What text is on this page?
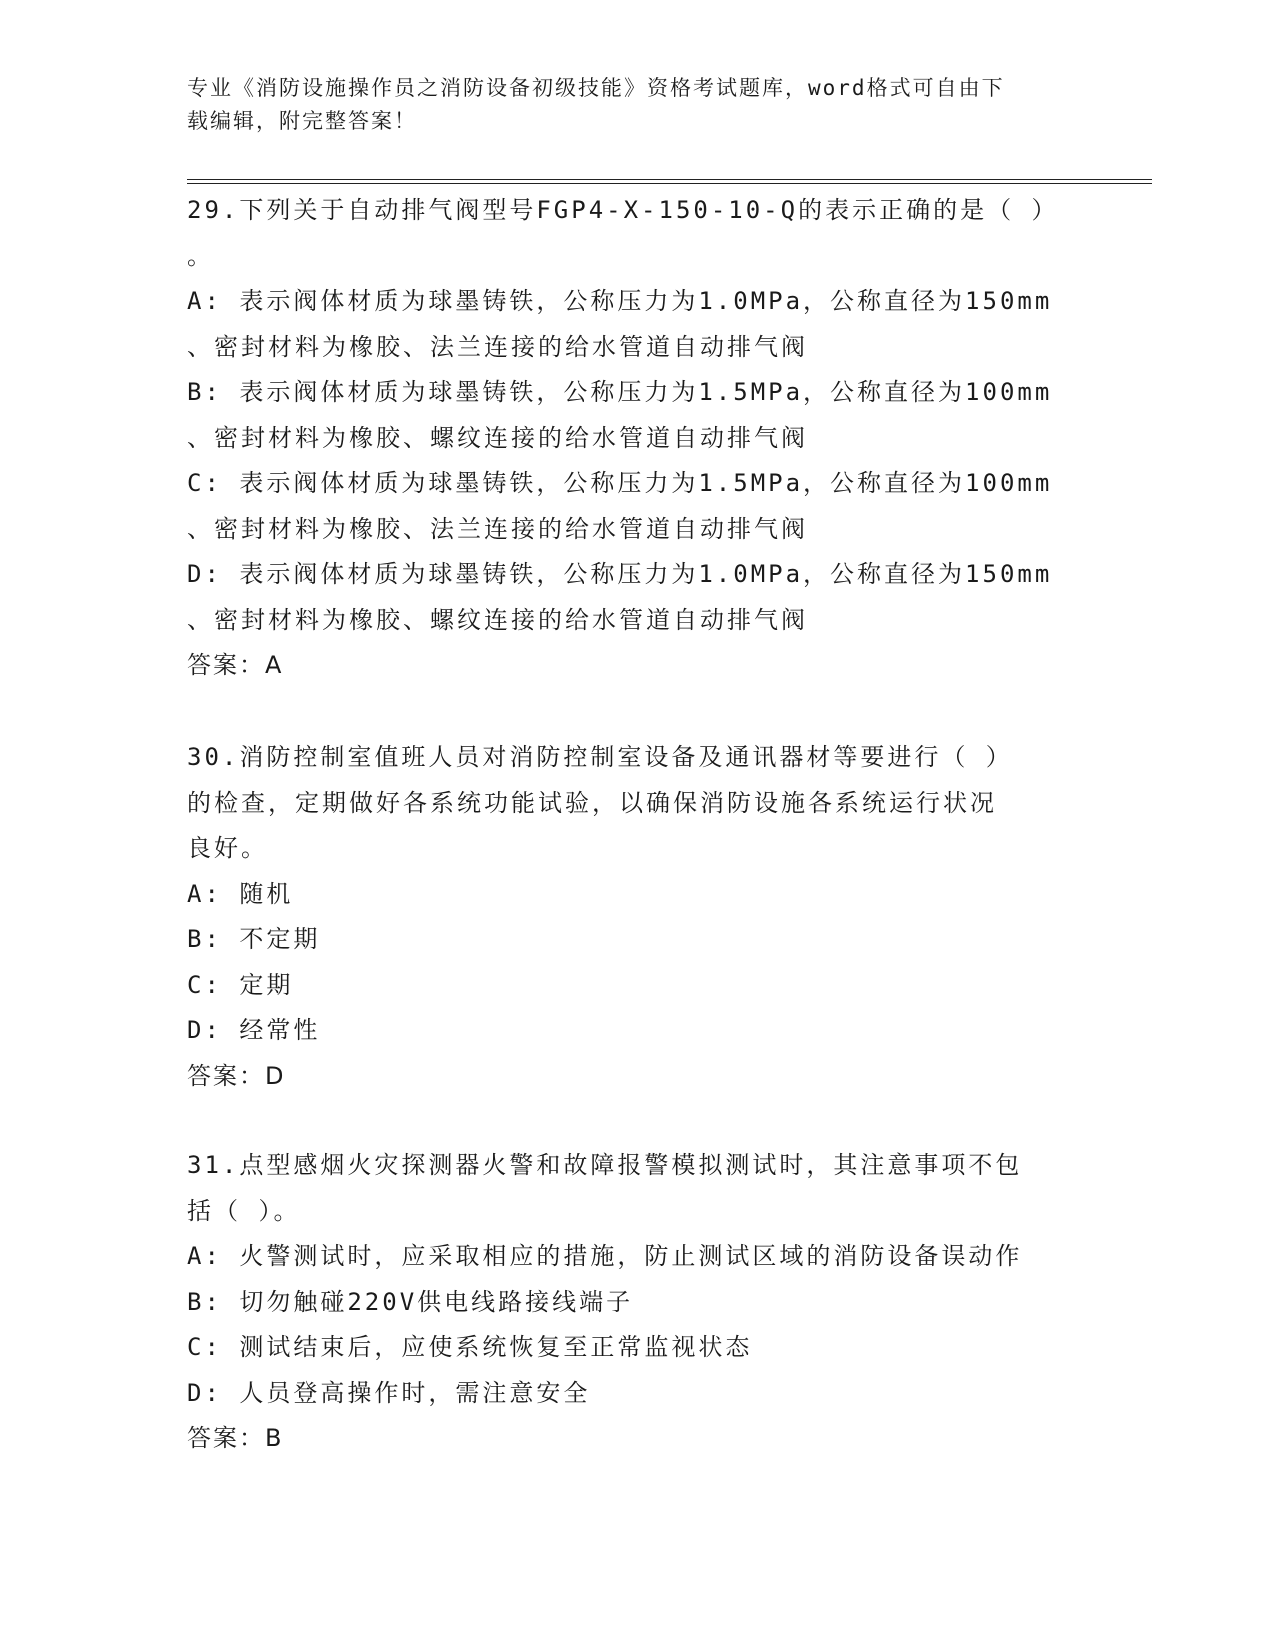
专业《消防设施操作员之消防设备初级技能》资格考试题库，word格式可自由下
载编辑，附完整答案！
29.下列关于自动排气阀型号FGP4-X-150-10-Q的表示正确的是（ ）
。
A: 表示阀体材质为球墨铸铁，公称压力为1.0MPa，公称直径为150mm
、密封材料为橡胶、法兰连接的给水管道自动排气阀
B: 表示阀体材质为球墨铸铁，公称压力为1.5MPa，公称直径为100mm
、密封材料为橡胶、螺纹连接的给水管道自动排气阀
C: 表示阀体材质为球墨铸铁，公称压力为1.5MPa，公称直径为100mm
、密封材料为橡胶、法兰连接的给水管道自动排气阀
D: 表示阀体材质为球墨铸铁，公称压力为1.0MPa，公称直径为150mm
、密封材料为橡胶、螺纹连接的给水管道自动排气阀
答案：A
30.消防控制室值班人员对消防控制室设备及通讯器材等要进行（ ）
的检查，定期做好各系统功能试验，以确保消防设施各系统运行状况
良好。
A: 随机
B: 不定期
C: 定期
D: 经常性
答案：D
31.点型感烟火灾探测器火警和故障报警模拟测试时，其注意事项不包
括（ ）。
A: 火警测试时，应采取相应的措施，防止测试区域的消防设备误动作
B: 切勿触碰220V供电线路接线端子
C: 测试结束后，应使系统恢复至正常监视状态
D: 人员登高操作时，需注意安全
答案：B
